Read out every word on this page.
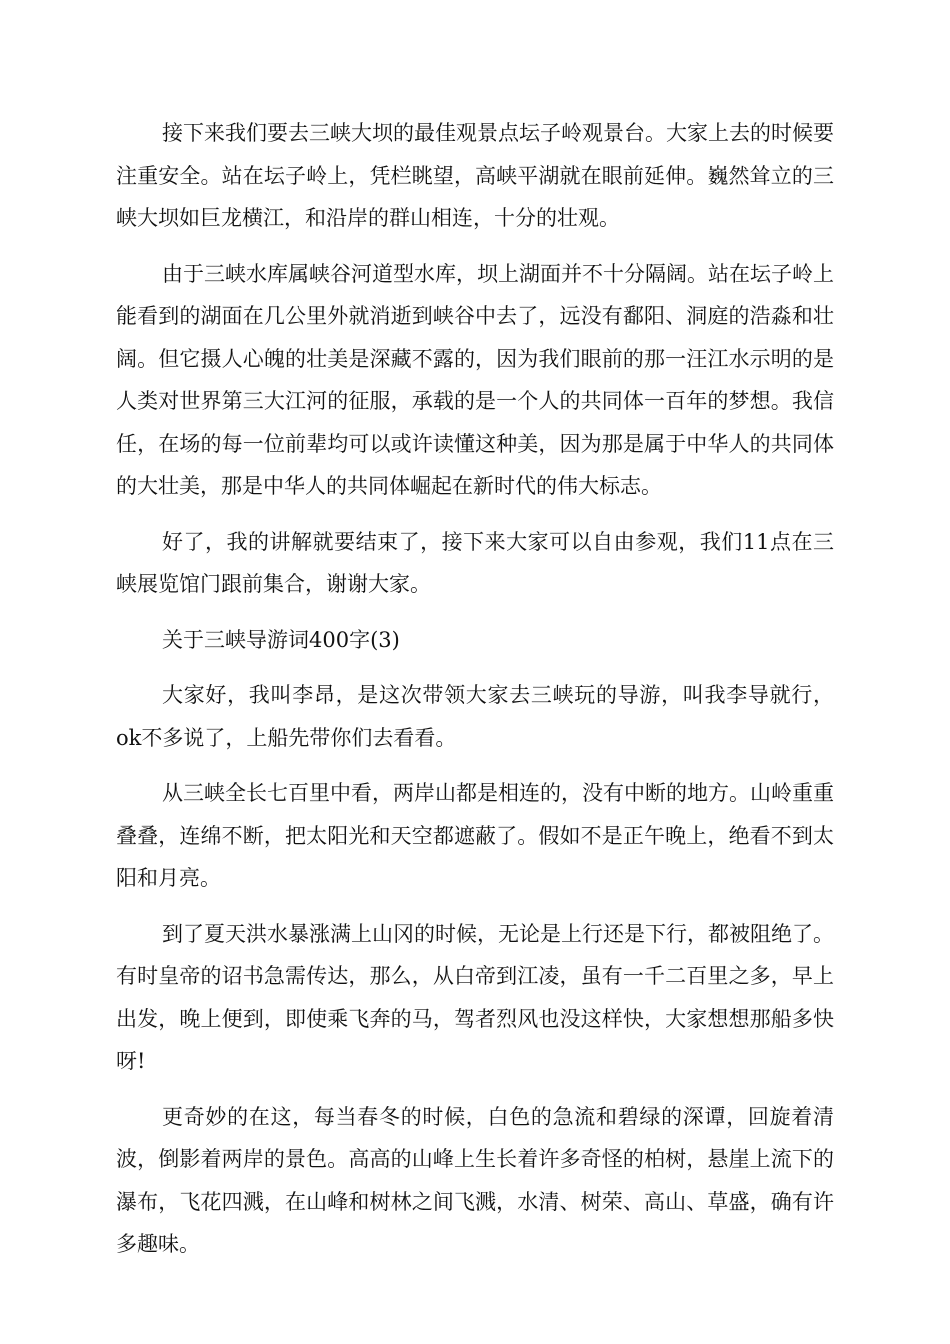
接下来我们要去三峡大坝的最佳观景点坛子岭观景台。大家上去的时候要注重安全。站在坛子岭上，凭栏眺望，高峡平湖就在眼前延伸。巍然耸立的三峡大坝如巨龙横江，和沿岸的群山相连，十分的壮观。

由于三峡水库属峡谷河道型水库，坝上湖面并不十分隔阔。站在坛子岭上能看到的湖面在几公里外就消逝到峡谷中去了，远没有鄱阳、洞庭的浩淼和壮阔。但它摄人心魄的壮美是深藏不露的，因为我们眼前的那一汪江水示明的是人类对世界第三大江河的征服，承载的是一个人的共同体一百年的梦想。我信任，在场的每一位前辈均可以或许读懂这种美，因为那是属于中华人的共同体的大壮美，那是中华人的共同体崛起在新时代的伟大标志。

好了，我的讲解就要结束了，接下来大家可以自由参观，我们11点在三峡展览馆门跟前集合，谢谢大家。

关于三峡导游词400字(3)

大家好，我叫李昂，是这次带领大家去三峡玩的导游，叫我李导就行，ok不多说了，上船先带你们去看看。

从三峡全长七百里中看，两岸山都是相连的，没有中断的地方。山岭重重叠叠，连绵不断，把太阳光和天空都遮蔽了。假如不是正午晚上，绝看不到太阳和月亮。

到了夏天洪水暴涨满上山冈的时候，无论是上行还是下行，都被阻绝了。有时皇帝的诏书急需传达，那么，从白帝到江凌，虽有一千二百里之多，早上出发，晚上便到，即使乘飞奔的马，驾者烈风也没这样快，大家想想那船多快呀!

更奇妙的在这，每当春冬的时候，白色的急流和碧绿的深谭，回旋着清波，倒影着两岸的景色。高高的山峰上生长着许多奇怪的柏树，悬崖上流下的瀑布，飞花四溅，在山峰和树林之间飞溅，水清、树荣、高山、草盛，确有许多趣味。
